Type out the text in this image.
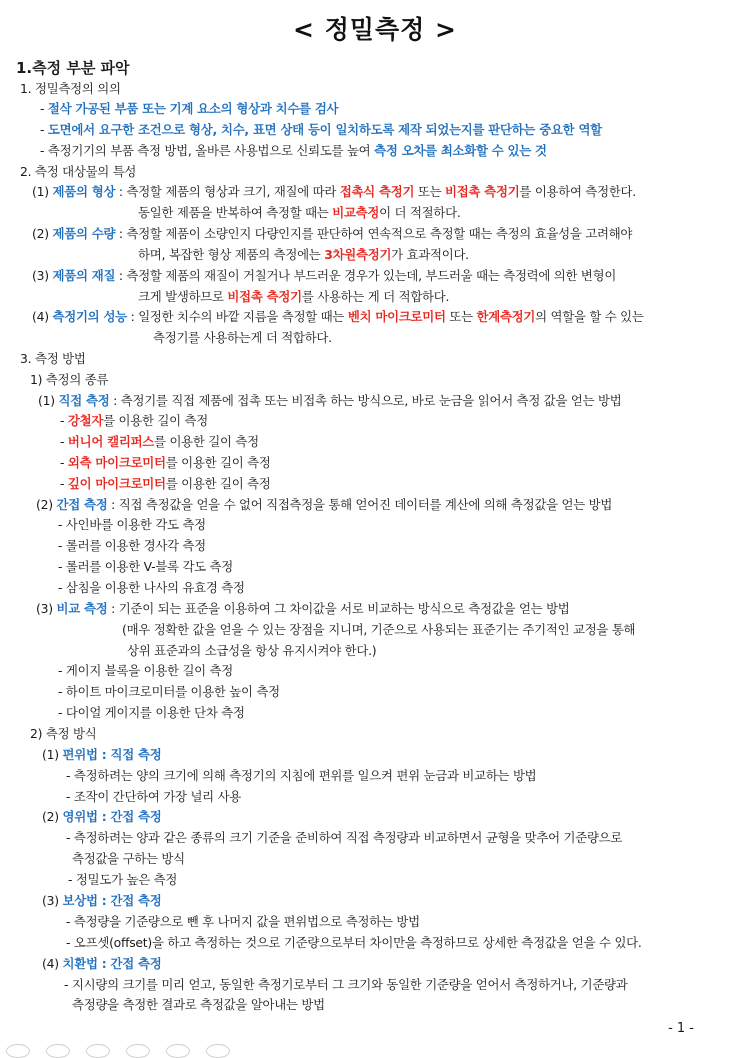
< 정밀측정 >
1.측정 부분 파악
1. 정밀측정의 의의
- 절삭 가공된 부품 또는 기계 요소의 형상과 치수를 검사
- 도면에서 요구한 조건으로 형상, 치수, 표면 상태 등이 일치하도록 제작 되었는지를 판단하는 중요한 역할
- 측정기기의 부품 측정 방법, 올바른 사용법으로 신뢰도를 높여 측정 오차를 최소화할 수 있는 것
2. 측정 대상물의 특성
(1) 제품의 형상 : 측정할 제품의 형상과 크기, 재질에 따라 접촉식 측정기 또는 비접촉 측정기를 이용하여 측정한다.
동일한 제품을 반복하여 측정할 때는 비교측정이 더 적절하다.
(2) 제품의 수량 : 측정할 제품이 소량인지 다량인지를 판단하여 연속적으로 측정할 때는 측정의 효율성을 고려해야
하며, 복잡한 형상 제품의 측정에는 3차원측정기가 효과적이다.
(3) 제품의 재질 : 측정할 제품의 재질이 거칠거나 부드러운 경우가 있는데, 부드러울 때는 측정력에 의한 변형이
크게 발생하므로 비접촉 측정기를 사용하는 게 더 적합하다.
(4) 측정기의 성능 : 일정한 치수의 바깥 지름을 측정할 때는 벤치 마이크로미터 또는 한계측정기의 역할을 할 수 있는
측정기를 사용하는게 더 적합하다.
3. 측정 방법
1) 측정의 종류
(1) 직접 측정 : 측정기를 직접 제품에 접촉 또는 비접촉 하는 방식으로, 바로 눈금을 읽어서 측정 값을 얻는 방법
- 강철자를 이용한 길이 측정
- 버니어 캘리퍼스를 이용한 길이 측정
- 외측 마이크로미터를 이용한 길이 측정
- 깊이 마이크로미터를 이용한 길이 측정
(2) 간접 측정 : 직접 측정값을 얻을 수 없어 직접측정을 통해 얻어진 데이터를 계산에 의해 측정값을 얻는 방법
- 사인바를 이용한 각도 측정
- 롤러를 이용한 경사각 측정
- 롤러를 이용한 V-블록 각도 측정
- 삼침을 이용한 나사의 유효경 측정
(3) 비교 측정 : 기준이 되는 표준을 이용하여 그 차이값을 서로 비교하는 방식으로 측정값을 얻는 방법
(매우 정확한 값을 얻을 수 있는 장점을 지니며, 기준으로 사용되는 표준기는 주기적인 교정을 통해
상위 표준과의 소급성을 항상 유지시켜야 한다.)
- 게이지 블록을 이용한 길이 측정
- 하이트 마이크로미터를 이용한 높이 측정
- 다이얼 게이지를 이용한 단차 측정
2) 측정 방식
(1) 편위법 : 직접 측정
- 측정하려는 양의 크기에 의해 측정기의 지침에 편위를 일으켜 편위 눈금과 비교하는 방법
- 조작이 간단하여 가장 널리 사용
(2) 영위법 : 간접 측정
- 측정하려는 양과 같은 종류의 크기 기준을 준비하여 직접 측정량과 비교하면서 균형을 맞추어 기준량으로
측정값을 구하는 방식
- 정밀도가 높은 측정
(3) 보상법 : 간접 측정
- 측정량을 기준량으로 뺀 후 나머지 값을 편위법으로 측정하는 방법
- 오프셋(offset)을 하고 측정하는 것으로 기준량으로부터 차이만을 측정하므로 상세한 측정값을 얻을 수 있다.
(4) 치환법 : 간접 측정
- 지시량의 크기를 미리 얻고, 동일한 측정기로부터 그 크기와 동일한 기준량을 얻어서 측정하거나, 기준량과
측정량을 측정한 결과로 측정값을 알아내는 방법
- 1 -
